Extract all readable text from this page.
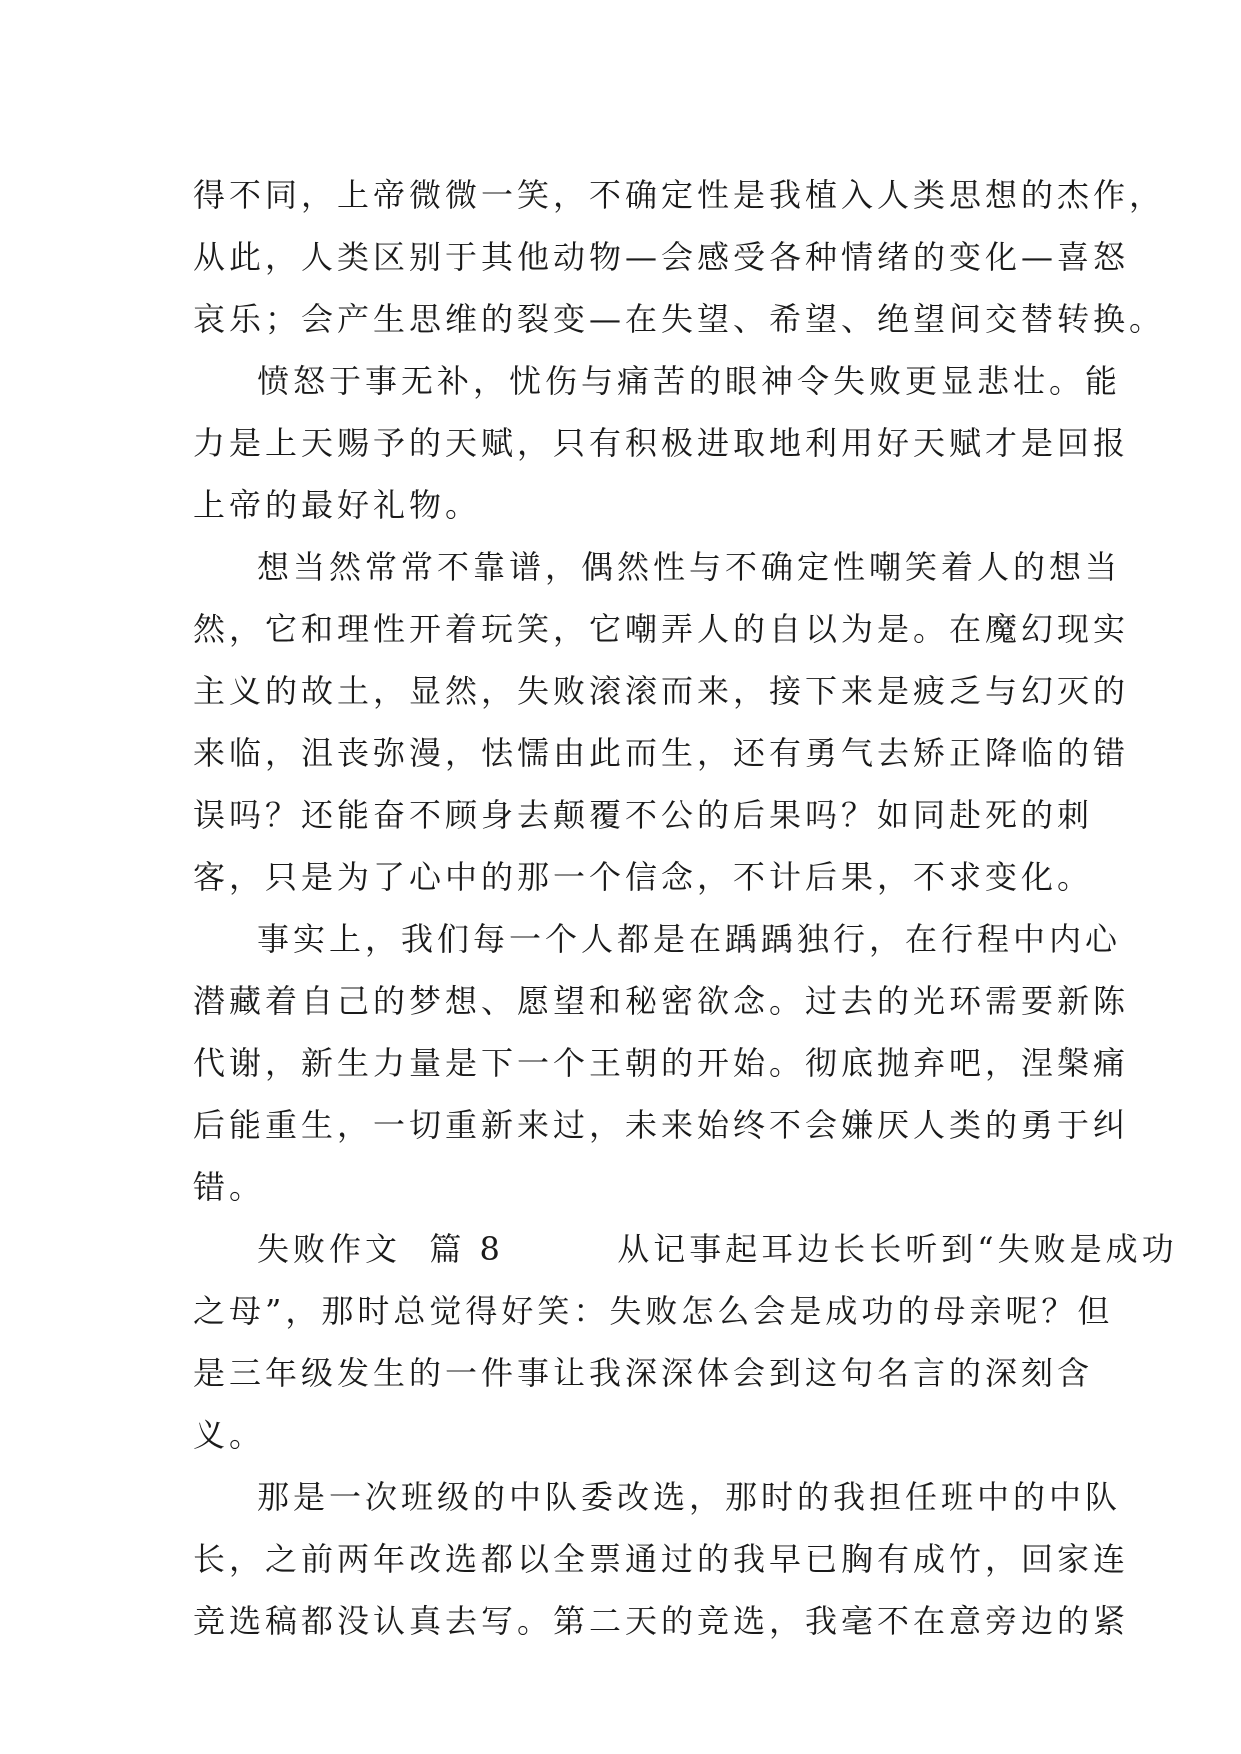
得不同，上帝微微一笑，不确定性是我植入人类思想的杰作，
从此，人类区别于其他动物—会感受各种情绪的变化—喜怒
哀乐；会产生思维的裂变—在失望、希望、绝望间交替转换。
愤怒于事无补，忧伤与痛苦的眼神令失败更显悲壮。能
力是上天赐予的天赋，只有积极进取地利用好天赋才是回报
上帝的最好礼物。
想当然常常不靠谱，偶然性与不确定性嘲笑着人的想当
然，它和理性开着玩笑，它嘲弄人的自以为是。在魔幻现实
主义的故土，显然，失败滚滚而来，接下来是疲乏与幻灭的
来临，沮丧弥漫，怯懦由此而生，还有勇气去矫正降临的错
误吗？还能奋不顾身去颠覆不公的后果吗？如同赴死的刺
客，只是为了心中的那一个信念，不计后果，不求变化。
事实上，我们每一个人都是在踽踽独行，在行程中内心
潜藏着自己的梦想、愿望和秘密欲念。过去的光环需要新陈
代谢，新生力量是下一个王朝的开始。彻底抛弃吧，涅槃痛
后能重生，一切重新来过，未来始终不会嫌厌人类的勇于纠
错。
失败作文  篇 8        从记事起耳边长长听到“失败是成功
之母”，那时总觉得好笑：失败怎么会是成功的母亲呢？但
是三年级发生的一件事让我深深体会到这句名言的深刻含
义。
那是一次班级的中队委改选，那时的我担任班中的中队
长，之前两年改选都以全票通过的我早已胸有成竹，回家连
竞选稿都没认真去写。第二天的竞选，我毫不在意旁边的紧
